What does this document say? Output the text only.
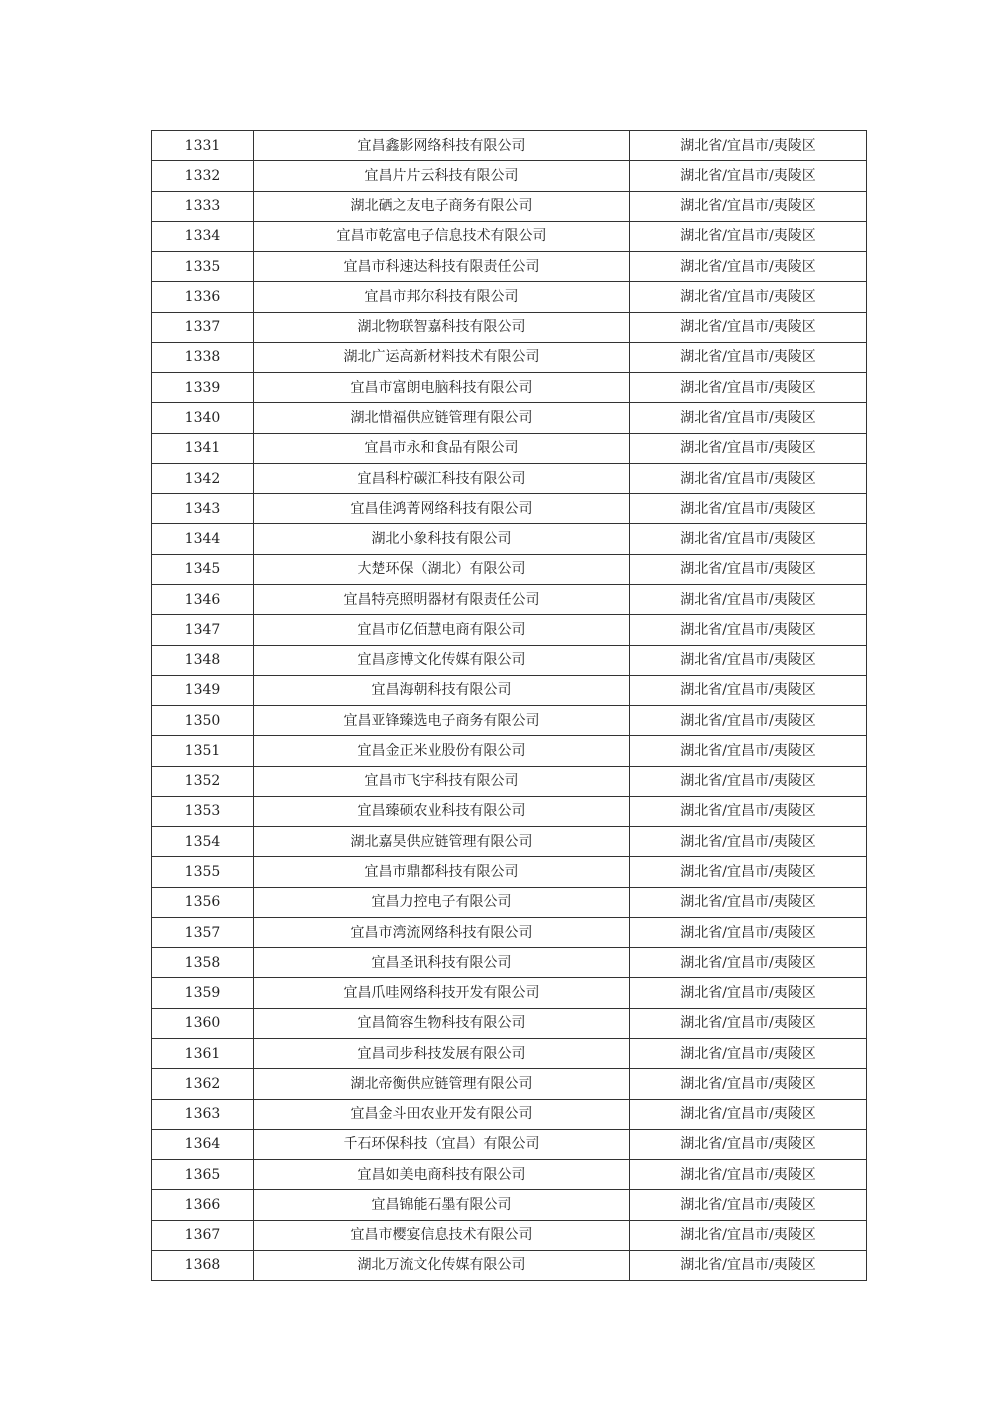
1331	宜昌鑫影网络科技有限公司	湖北省/宜昌市/夷陵区
1332	宜昌片片云科技有限公司	湖北省/宜昌市/夷陵区
1333	湖北硒之友电子商务有限公司	湖北省/宜昌市/夷陵区
1334	宜昌市乾富电子信息技术有限公司	湖北省/宜昌市/夷陵区
1335	宜昌市科速达科技有限责任公司	湖北省/宜昌市/夷陵区
1336	宜昌市邦尔科技有限公司	湖北省/宜昌市/夷陵区
1337	湖北物联智嘉科技有限公司	湖北省/宜昌市/夷陵区
1338	湖北广运高新材料技术有限公司	湖北省/宜昌市/夷陵区
1339	宜昌市富朗电脑科技有限公司	湖北省/宜昌市/夷陵区
1340	湖北惜福供应链管理有限公司	湖北省/宜昌市/夷陵区
1341	宜昌市永和食品有限公司	湖北省/宜昌市/夷陵区
1342	宜昌科柠碳汇科技有限公司	湖北省/宜昌市/夷陵区
1343	宜昌佳鸿菁网络科技有限公司	湖北省/宜昌市/夷陵区
1344	湖北小象科技有限公司	湖北省/宜昌市/夷陵区
1345	大楚环保（湖北）有限公司	湖北省/宜昌市/夷陵区
1346	宜昌特亮照明器材有限责任公司	湖北省/宜昌市/夷陵区
1347	宜昌市亿佰慧电商有限公司	湖北省/宜昌市/夷陵区
1348	宜昌彦博文化传媒有限公司	湖北省/宜昌市/夷陵区
1349	宜昌海朝科技有限公司	湖北省/宜昌市/夷陵区
1350	宜昌亚锋臻选电子商务有限公司	湖北省/宜昌市/夷陵区
1351	宜昌金正米业股份有限公司	湖北省/宜昌市/夷陵区
1352	宜昌市飞宇科技有限公司	湖北省/宜昌市/夷陵区
1353	宜昌臻硕农业科技有限公司	湖北省/宜昌市/夷陵区
1354	湖北嘉昊供应链管理有限公司	湖北省/宜昌市/夷陵区
1355	宜昌市鼎都科技有限公司	湖北省/宜昌市/夷陵区
1356	宜昌力控电子有限公司	湖北省/宜昌市/夷陵区
1357	宜昌市湾流网络科技有限公司	湖北省/宜昌市/夷陵区
1358	宜昌圣讯科技有限公司	湖北省/宜昌市/夷陵区
1359	宜昌爪哇网络科技开发有限公司	湖北省/宜昌市/夷陵区
1360	宜昌简容生物科技有限公司	湖北省/宜昌市/夷陵区
1361	宜昌司步科技发展有限公司	湖北省/宜昌市/夷陵区
1362	湖北帝衡供应链管理有限公司	湖北省/宜昌市/夷陵区
1363	宜昌金斗田农业开发有限公司	湖北省/宜昌市/夷陵区
1364	千石环保科技（宜昌）有限公司	湖北省/宜昌市/夷陵区
1365	宜昌如美电商科技有限公司	湖北省/宜昌市/夷陵区
1366	宜昌锦能石墨有限公司	湖北省/宜昌市/夷陵区
1367	宜昌市樱宴信息技术有限公司	湖北省/宜昌市/夷陵区
1368	湖北万流文化传媒有限公司	湖北省/宜昌市/夷陵区
